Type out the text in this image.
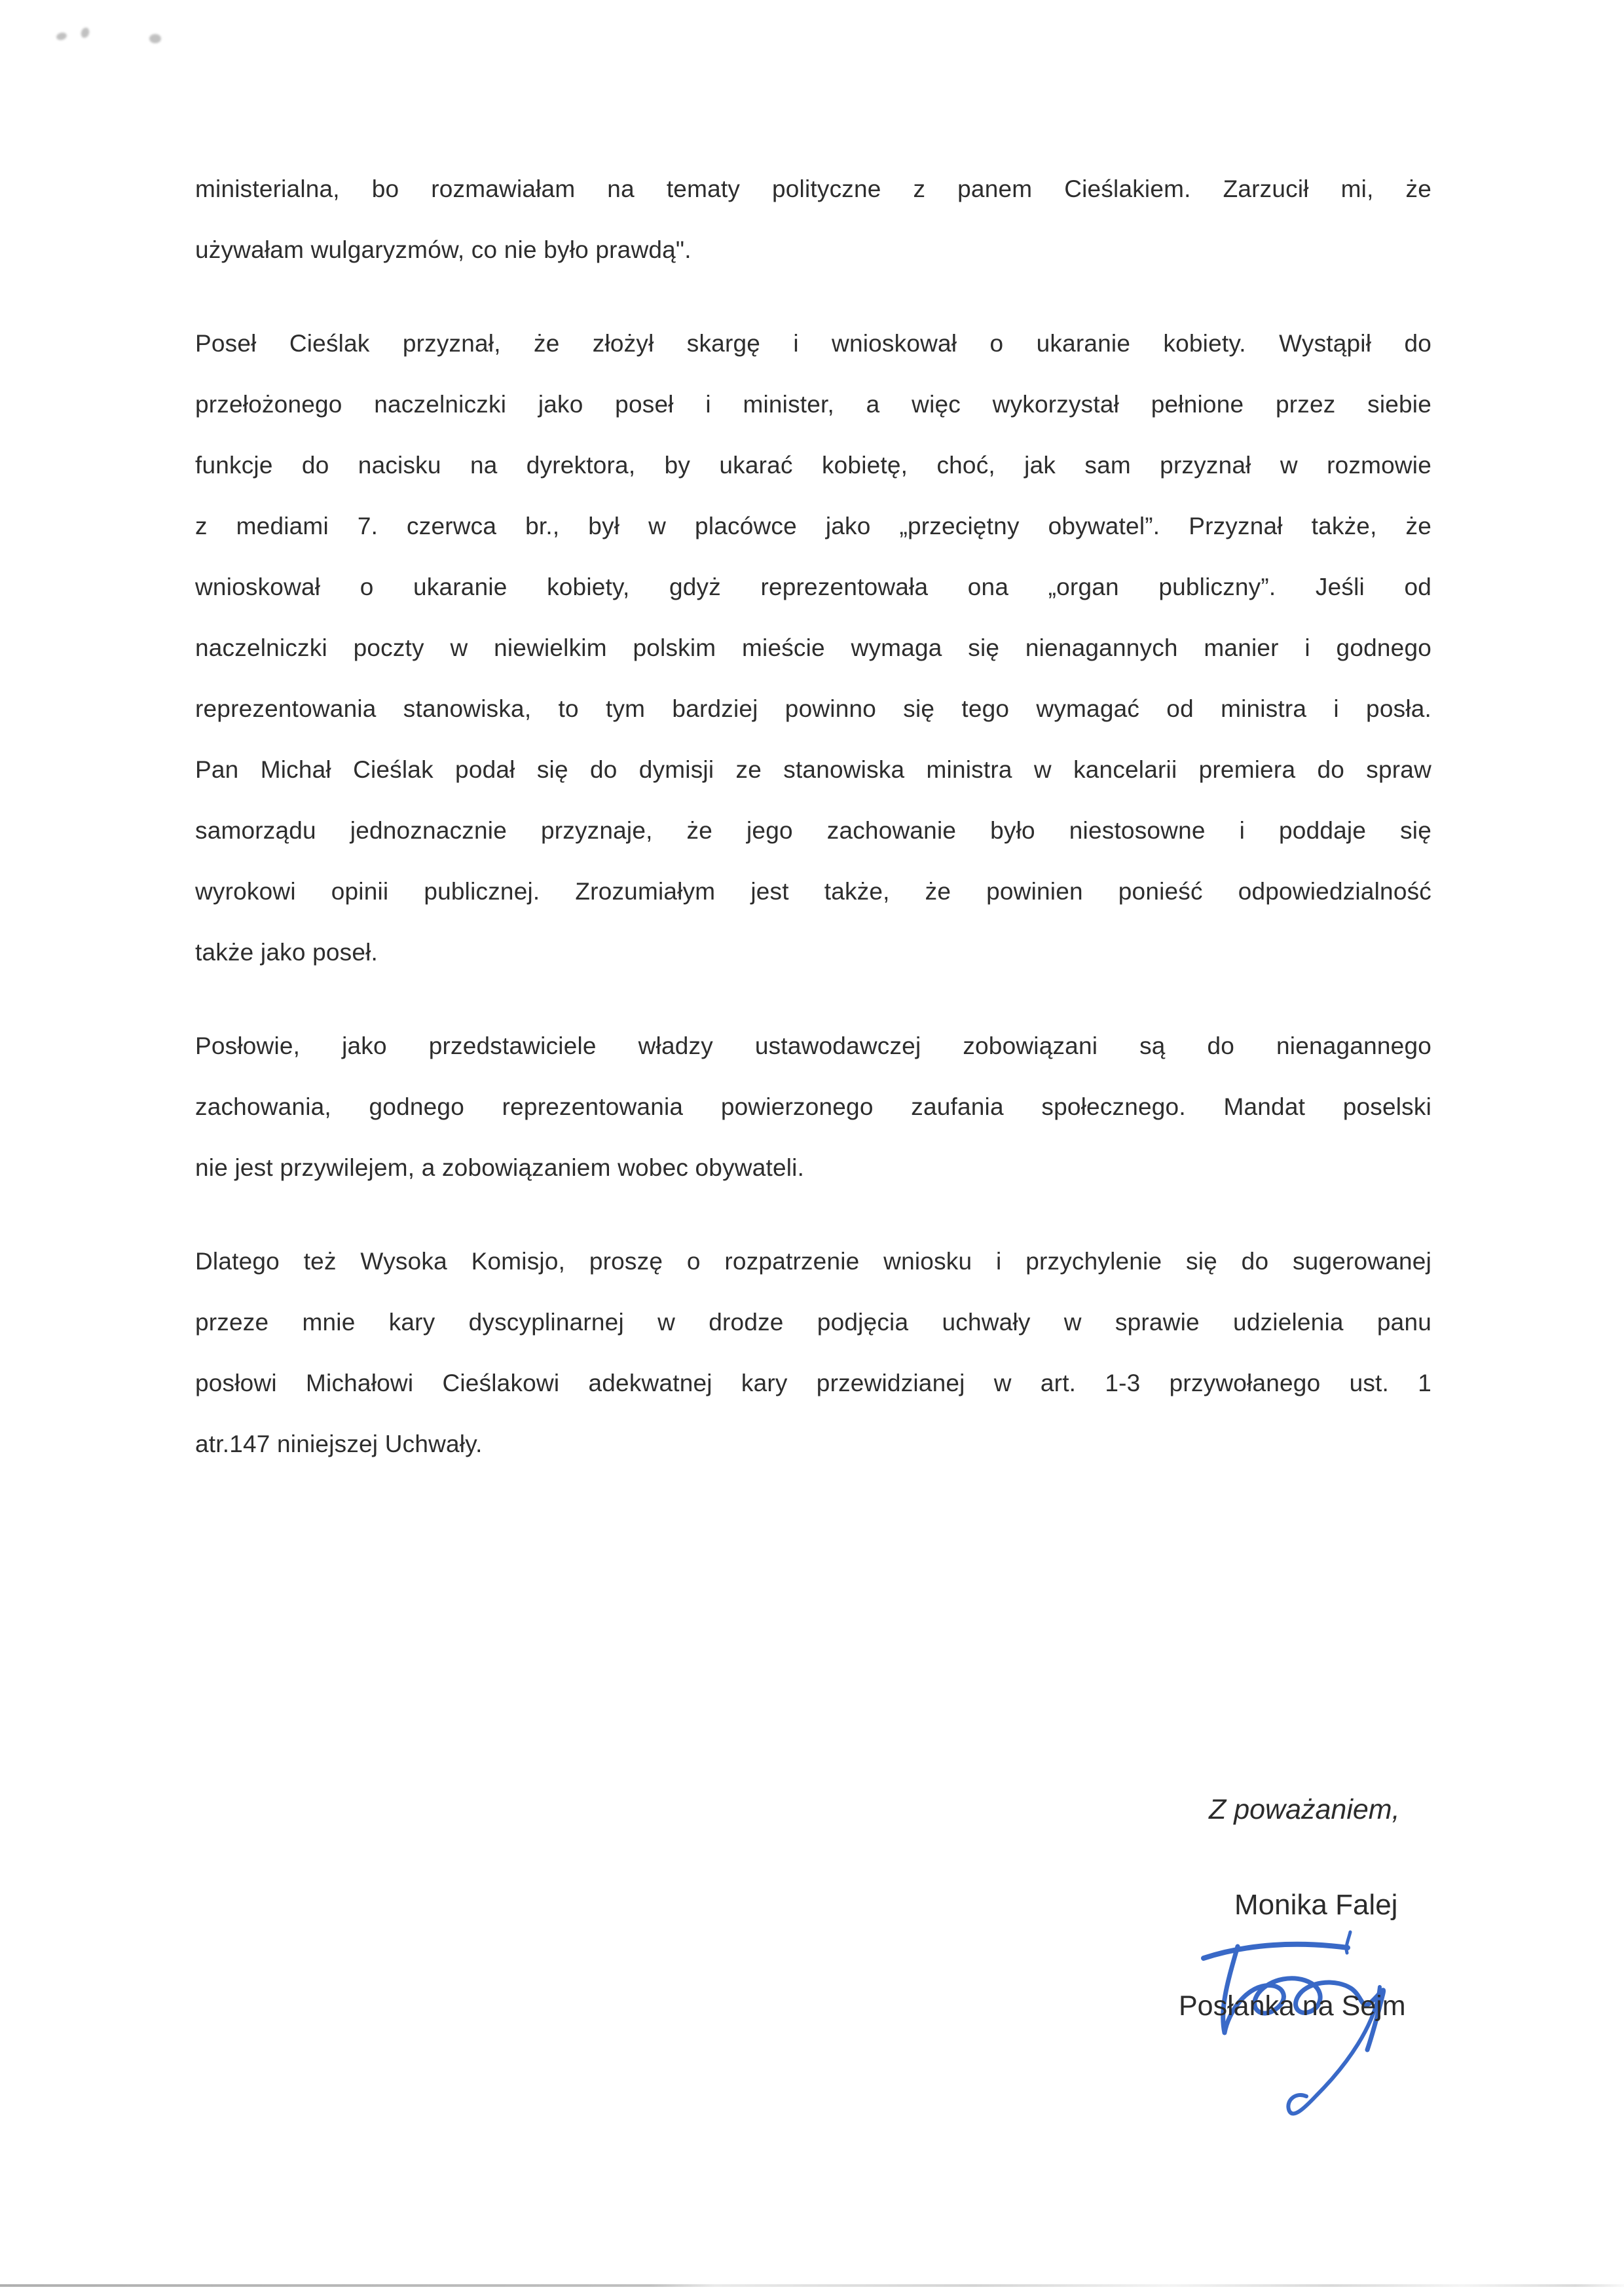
ministerialna, bo rozmawiałam na tematy polityczne z panem Cieślakiem. Zarzucił mi, że
używałam wulgaryzmów, co nie było prawdą".
Poseł Cieślak przyznał, że złożył skargę i wnioskował o ukaranie kobiety. Wystąpił do
przełożonego naczelniczki jako poseł i minister, a więc wykorzystał pełnione przez siebie
funkcje do nacisku na dyrektora, by ukarać kobietę, choć, jak sam przyznał w rozmowie
z mediami 7. czerwca br., był w placówce jako „przeciętny obywatel”. Przyznał także, że
wnioskował o ukaranie kobiety, gdyż reprezentowała ona „organ publiczny”. Jeśli od
naczelniczki poczty w niewielkim polskim mieście wymaga się nienagannych manier i godnego
reprezentowania stanowiska, to tym bardziej powinno się tego wymagać od ministra i posła.
Pan Michał Cieślak podał się do dymisji ze stanowiska ministra w kancelarii premiera do spraw
samorządu jednoznacznie przyznaje, że jego zachowanie było niestosowne i poddaje się
wyrokowi opinii publicznej. Zrozumiałym jest także, że powinien ponieść odpowiedzialność
także jako poseł.
Posłowie, jako przedstawiciele władzy ustawodawczej zobowiązani są do nienagannego
zachowania, godnego reprezentowania powierzonego zaufania społecznego. Mandat poselski
nie jest przywilejem, a zobowiązaniem wobec obywateli.
Dlatego też Wysoka Komisjo, proszę o rozpatrzenie wniosku i przychylenie się do sugerowanej
przeze mnie kary dyscyplinarnej w drodze podjęcia uchwały w sprawie udzielenia panu
posłowi Michałowi Cieślakowi adekwatnej kary przewidzianej w art. 1-3 przywołanego ust. 1
atr.147 niniejszej Uchwały.
Z poważaniem,
Monika Falej
Posłanka na Sejm
